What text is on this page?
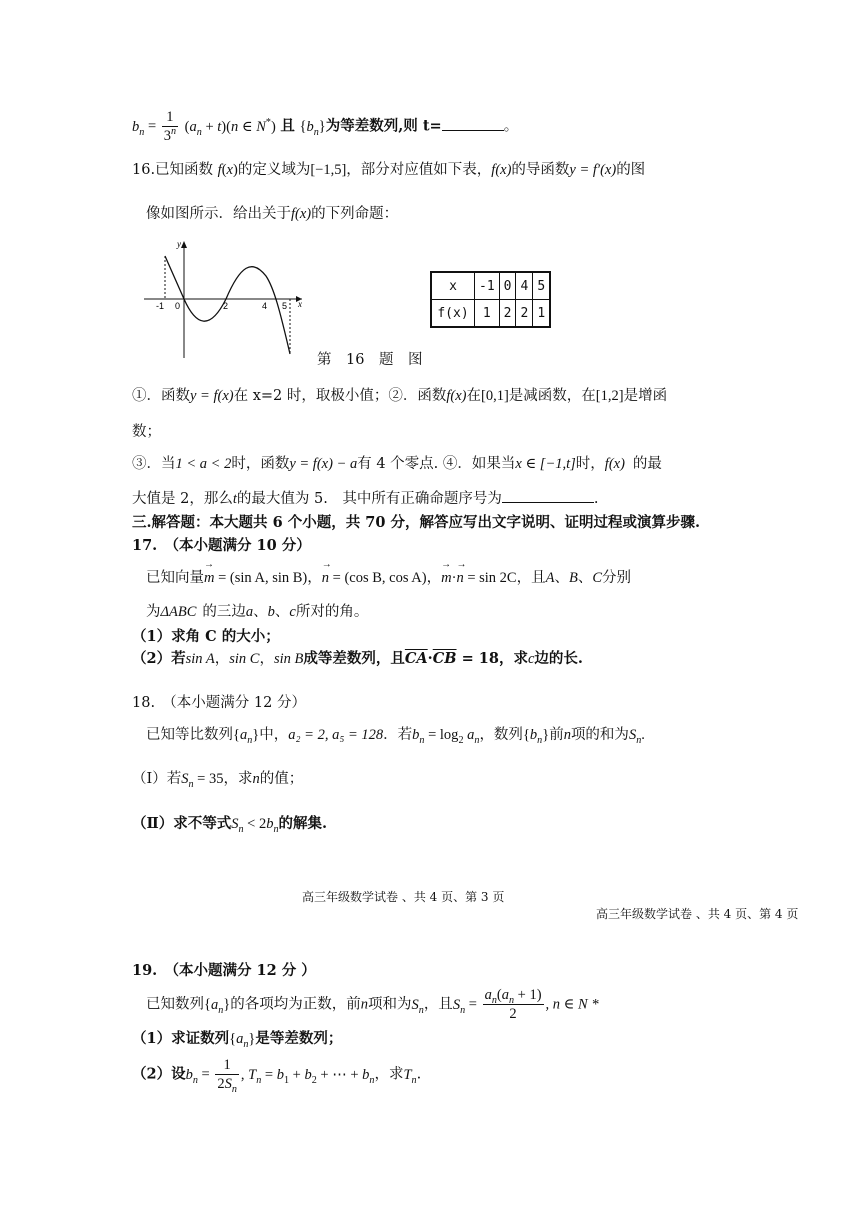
$b_n = \frac{1}{3^n} (a_n + t)(n$ ∈ N*) 且 $\{b_n\}$为等差数列,则 t=	。
16.已知函数 f(x)的定义域为[−1,5]，部分对应值如下表，f(x)的导函数y = f′(x)的图
像如图所示．给出关于f(x)的下列命题：
y
x
-1 0	2	4 5
x	-1	0	4	5
f(x)	1	2	2	1
第　16　题　图
①．函数y = f(x)在 x=2 时，取极小值；②．函数f(x)在[0,1]是减函数，在[1,2]是增函
数；
③．当1 < a < 2时，函数y = f(x) − a有 4 个零点. ④．如果当x ∈ [−1,t]时，f(x) 的最
大值是 2，那么t的最大值为 5.　其中所有正确命题序号为	.
三.解答题：本大题共 6 个小题，共 70 分，解答应写出文字说明、证明过程或演算步骤.
17.　（本小题满分 10 分）
已知向量→ m = (sin A, sin B)，→ n = (cos B, cos A)，→ m·→ n = sin 2C，且A、B、C分别
为ΔABC 的三边a、b、c所对的角。
（1）求角 C 的大小；
（2）若sin A，sin C，sin B成等差数列，且$\overline{CA}\cdot\overline{CB} = 18$，求c边的长.
18.　（本小题满分 12 分）
已知等比数列$\{a_n\}$中，a₂ = 2, a₅ = 128．若$b_n = \log_2 a_n$，数列$\{b_n\}$前n项的和为$S_n$.
（Ⅰ）若$S_n = 35$，求n的值；
（Ⅱ）求不等式$S_n < 2b_n$的解集.
高三年级数学试卷 、共 4 页、第 3 页
高三年级数学试卷 、共 4 页、第 4 页
19.　（本小题满分 12 分 ）
已知数列$\{a_n\}$的各项均为正数，前n项和为$S_n$，且$S_n = \frac{a_n(a_n + 1)}{2}$ , n ∈ N *
（1）求证数列$\{a_n\}$是等差数列；
（2）设$b_n = \frac{1}{2S_n}$ , $T_n = b_1 + b_2$ + ⋯ + $b_n$，求$T_n$.
